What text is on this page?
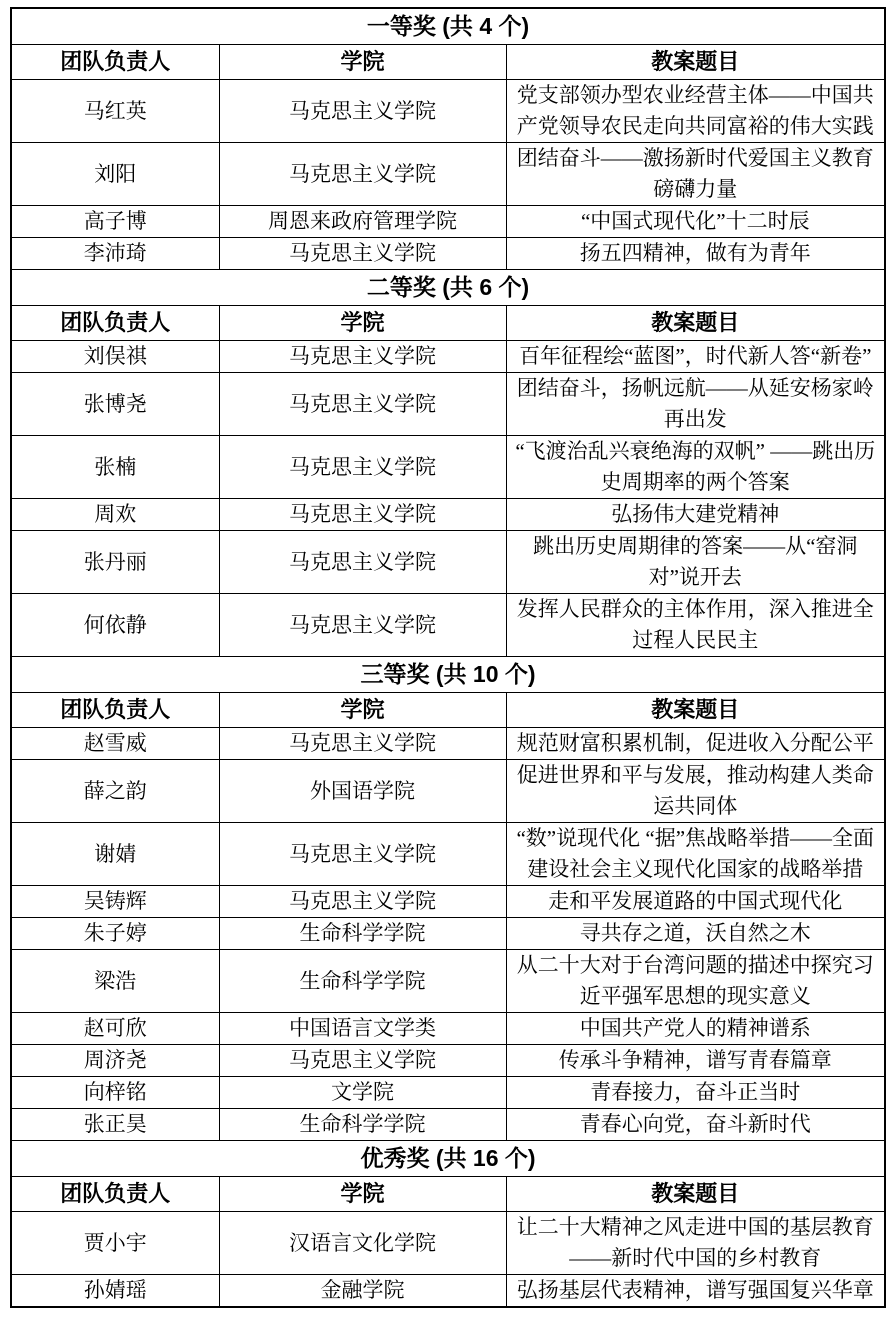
一等奖 (共 4 个)		
团队负责人	学院	教案题目
马红英	马克思主义学院	党支部领办型农业经营主体——中国共产党领导农民走向共同富裕的伟大实践
刘阳	马克思主义学院	团结奋斗——激扬新时代爱国主义教育磅礴力量
高子博	周恩来政府管理学院	“中国式现代化”十二时辰
李沛琦	马克思主义学院	扬五四精神，做有为青年
二等奖 (共 6 个)		
团队负责人	学院	教案题目
刘俣祺	马克思主义学院	百年征程绘“蓝图”，时代新人答“新卷”
张博尧	马克思主义学院	团结奋斗，扬帆远航——从延安杨家岭再出发
张楠	马克思主义学院	“飞渡治乱兴衰绝海的双帆” ——跳出历史周期率的两个答案
周欢	马克思主义学院	弘扬伟大建党精神
张丹丽	马克思主义学院	跳出历史周期律的答案——从“窑洞对”说开去
何依静	马克思主义学院	发挥人民群众的主体作用，深入推进全过程人民民主
三等奖 (共 10 个)		
团队负责人	学院	教案题目
赵雪威	马克思主义学院	规范财富积累机制，促进收入分配公平
薛之韵	外国语学院	促进世界和平与发展，推动构建人类命运共同体
谢婧	马克思主义学院	“数”说现代化 “据”焦战略举措——全面建设社会主义现代化国家的战略举措
吴铸辉	马克思主义学院	走和平发展道路的中国式现代化
朱子婷	生命科学学院	寻共存之道，沃自然之木
梁浩	生命科学学院	从二十大对于台湾问题的描述中探究习近平强军思想的现实意义
赵可欣	中国语言文学类	中国共产党人的精神谱系
周济尧	马克思主义学院	传承斗争精神，谱写青春篇章
向梓铭	文学院	青春接力，奋斗正当时
张正昊	生命科学学院	青春心向党，奋斗新时代
优秀奖 (共 16 个)		
团队负责人	学院	教案题目
贾小宇	汉语言文化学院	让二十大精神之风走进中国的基层教育——新时代中国的乡村教育
孙婧瑶	金融学院	弘扬基层代表精神，谱写强国复兴华章
